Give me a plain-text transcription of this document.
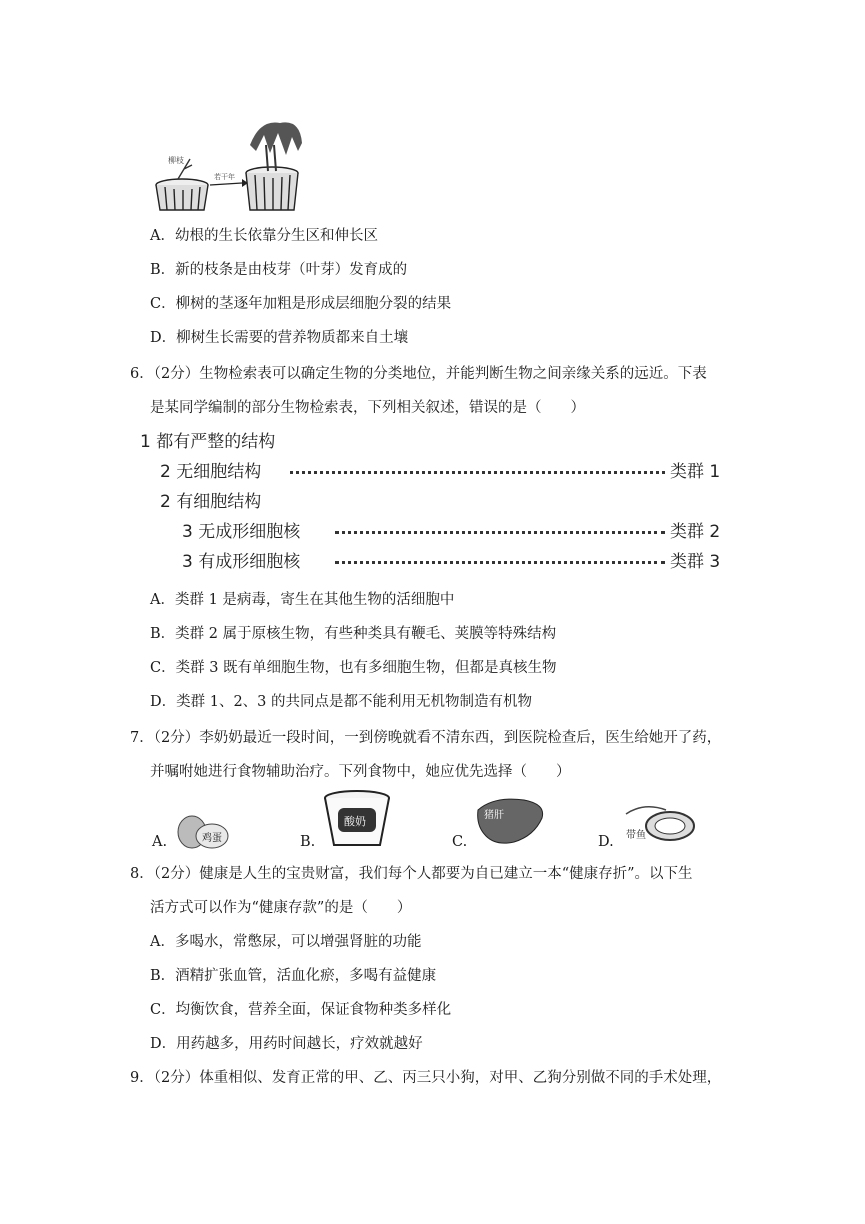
柳枝
若干年
A．幼根的生长依靠分生区和伸长区
B．新的枝条是由枝芽（叶芽）发育成的
C．柳树的茎逐年加粗是形成层细胞分裂的结果
D．柳树生长需要的营养物质都来自土壤
6．（2分）生物检索表可以确定生物的分类地位，并能判断生物之间亲缘关系的远近。下表
是某同学编制的部分生物检索表，下列相关叙述，错误的是（　　）
1 都有严整的结构
2 无细胞结构	类群 1
2 有细胞结构
3 无成形细胞核	类群 2
3 有成形细胞核	类群 3
A．类群 1 是病毒，寄生在其他生物的活细胞中
B．类群 2 属于原核生物，有些种类具有鞭毛、荚膜等特殊结构
C．类群 3 既有单细胞生物，也有多细胞生物，但都是真核生物
D．类群 1、2、3 的共同点是都不能利用无机物制造有机物
7．（2分）李奶奶最近一段时间，一到傍晚就看不清东西，到医院检查后，医生给她开了药，
并嘱咐她进行食物辅助治疗。下列食物中，她应优先选择（　　）
A.	鸡蛋	B.
酸奶
C.
猪肝
D. 带鱼
8．（2分）健康是人生的宝贵财富，我们每个人都要为自已建立一本“健康存折”。以下生
活方式可以作为“健康存款”的是（　　）
A．多喝水，常憋尿，可以增强肾脏的功能
B．酒精扩张血管，活血化瘀，多喝有益健康
C．均衡饮食，营养全面，保证食物种类多样化
D．用药越多，用药时间越长，疗效就越好
9．（2分）体重相似、发育正常的甲、乙、丙三只小狗，对甲、乙狗分别做不同的手术处理，
